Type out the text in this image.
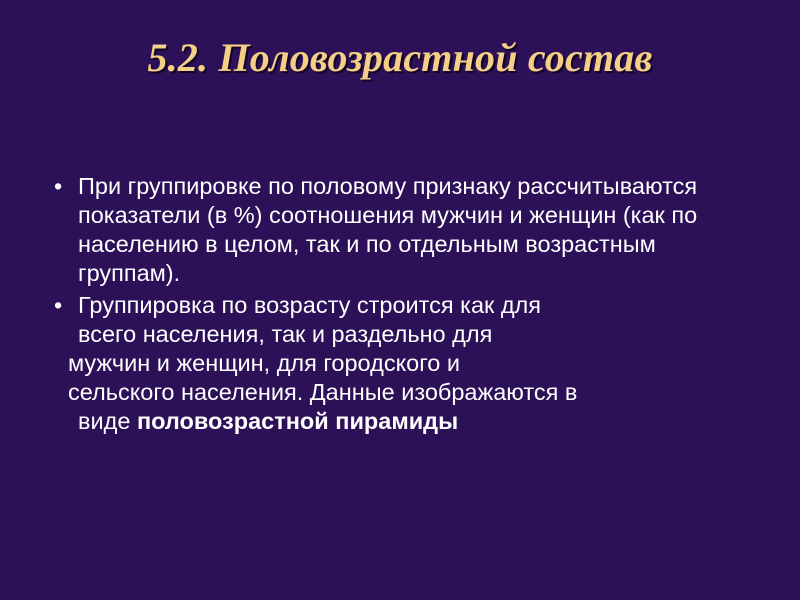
5.2. Половозрастной состав
• При группировке по половому признаку рассчитываются показатели (в %) соотношения мужчин и женщин (как по населению в целом, так и по отдельным возрастным группам).
• Группировка по возрасту строится как для
всего населения, так и раздельно для
мужчин и женщин, для городского и
сельского населения. Данные изображаются в
виде половозрастной пирамиды
